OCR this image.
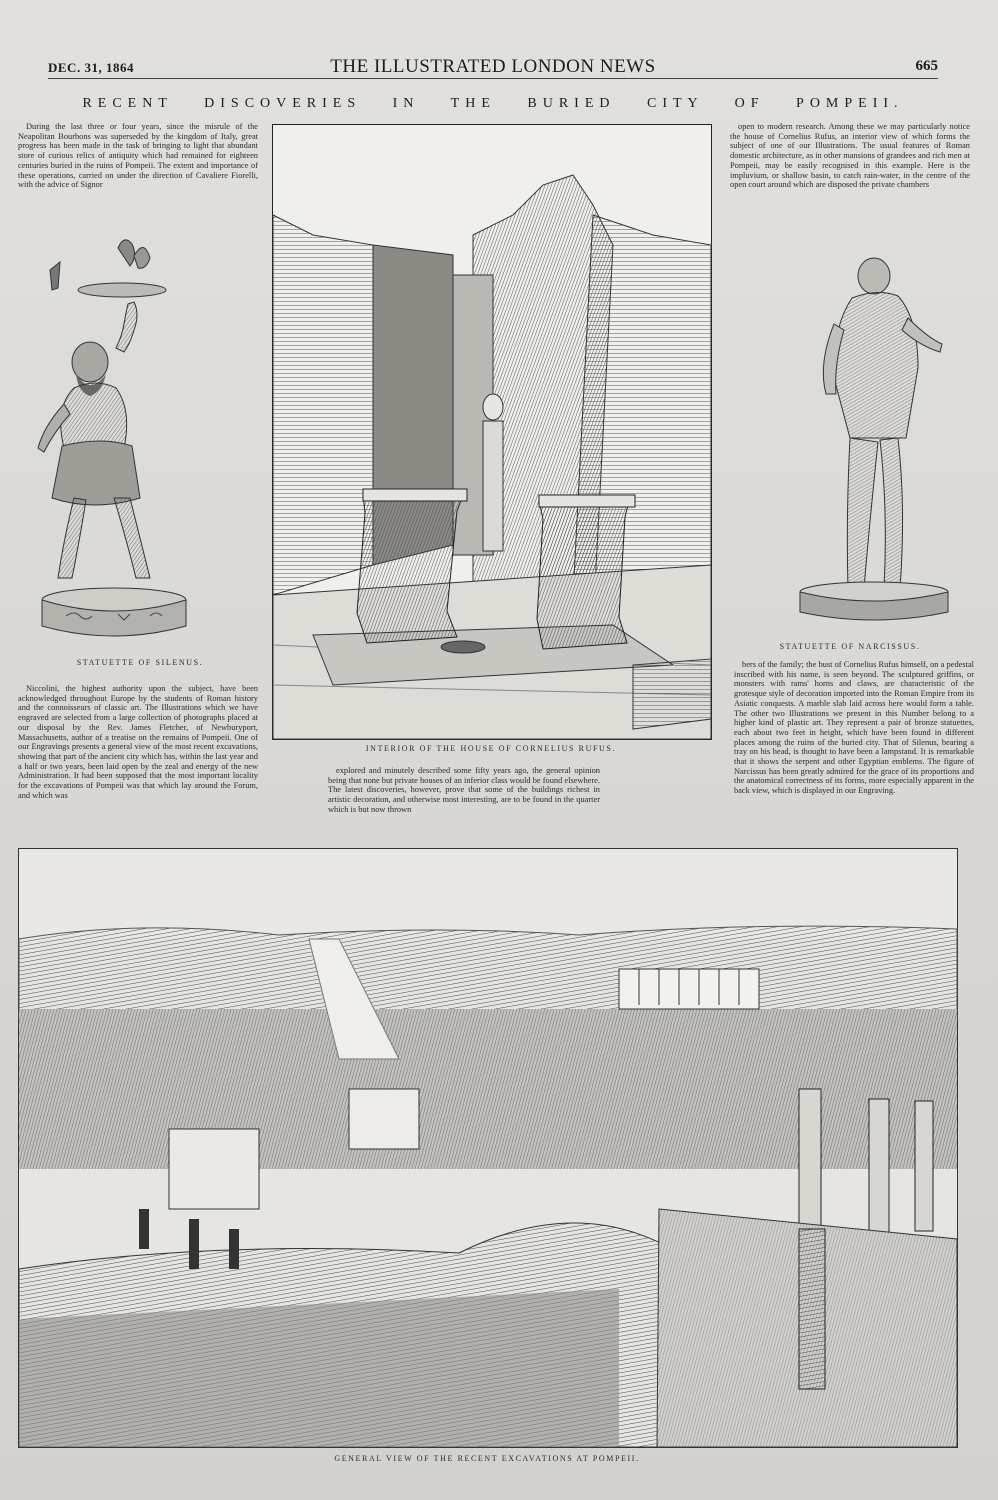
DEC. 31, 1864	THE ILLUSTRATED LONDON NEWS	665
RECENT DISCOVERIES IN THE BURIED CITY OF POMPEII.

During the last three or four years, since the misrule of the Neapolitan Bourbons was superseded by the kingdom of Italy, great progress has been made in the task of bringing to light that abundant store of curious relics of antiquity which had remained for eighteen centuries buried in the ruins of Pompeii. The extent and importance of these operations, carried on under the direction of Cavaliere Fiorelli, with the advice of Signor

STATUETTE OF SILENUS.

Niccolini, the highest authority upon the subject, have been acknowledged throughout Europe by the students of Roman history and the connoisseurs of classic art. The Illustrations which we have engraved are selected from a large collection of photographs placed at our disposal by the Rev. James Fletcher, of Newburyport, Massachusetts, author of a treatise on the remains of Pompeii. One of our Engravings presents a general view of the most recent excavations, showing that part of the ancient city which has, within the last year and a half or two years, been laid open by the zeal and energy of the new Administration. It had been supposed that the most important locality for the excavations of Pompeii was that which lay around the Forum, and which was

INTERIOR OF THE HOUSE OF CORNELIUS RUFUS.

explored and minutely described some fifty years ago, the general opinion being that none but private houses of an inferior class would be found elsewhere. The latest discoveries, however, prove that some of the buildings richest in artistic decoration, and otherwise most interesting, are to be found in the quarter which is but now thrown

open to modern research. Among these we may particularly notice the house of Cornelius Rufus, an interior view of which forms the subject of one of our Illustrations. The usual features of Roman domestic architecture, as in other mansions of grandees and rich men at Pompeii, may be easily recognised in this example. Here is the impluvium, or shallow basin, to catch rain-water, in the centre of the open court around which are disposed the private chambers

STATUETTE OF NARCISSUS.

bers of the family; the bust of Cornelius Rufus himself, on a pedestal inscribed with his name, is seen beyond. The sculptured griffins, or monsters with rams' horns and claws, are characteristic of the grotesque style of decoration imported into the Roman Empire from its Asiatic conquests. A marble slab laid across here would form a table. The other two Illustrations we present in this Number belong to a higher kind of plastic art. They represent a pair of bronze statuettes, each about two feet in height, which have been found in different places among the ruins of the buried city. That of Silenus, bearing a tray on his head, is thought to have been a lampstand. It is remarkable that it shows the serpent and other Egyptian emblems. The figure of Narcissus has been greatly admired for the grace of its proportions and the anatomical correctness of its forms, more especially apparent in the back view, which is displayed in our Engraving.

GENERAL VIEW OF THE RECENT EXCAVATIONS AT POMPEII.
